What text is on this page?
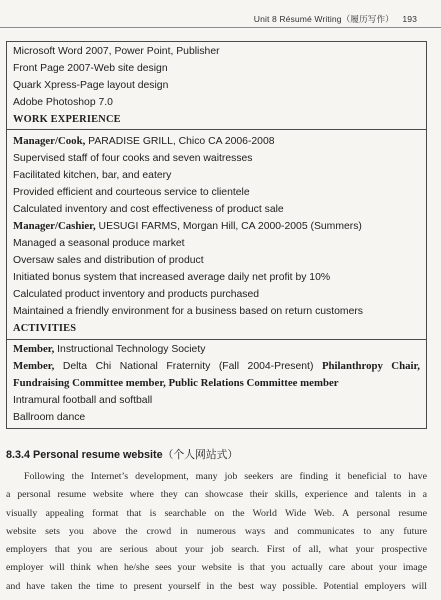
Unit 8 Résumé Writing（履历写作） 193
Microsoft Word 2007, Power Point, Publisher
Front Page 2007-Web site design
Quark Xpress-Page layout design
Adobe Photoshop 7.0
WORK EXPERIENCE
Manager/Cook, PARADISE GRILL, Chico CA 2006-2008
Supervised staff of four cooks and seven waitresses
Facilitated kitchen, bar, and eatery
Provided efficient and courteous service to clientele
Calculated inventory and cost effectiveness of product sale
Manager/Cashier, UESUGI FARMS, Morgan Hill, CA 2000-2005 (Summers)
Managed a seasonal produce market
Oversaw sales and distribution of product
Initiated bonus system that increased average daily net profit by 10%
Calculated product inventory and products purchased
Maintained a friendly environment for a business based on return customers
ACTIVITIES
Member, Instructional Technology Society
Member, Delta Chi National Fraternity (Fall 2004-Present) Philanthropy Chair,
Fundraising Committee member, Public Relations Committee member
Intramural football and softball
Ballroom dance
8.3.4 Personal resume website（个人网站式）
Following the Internet’s development, many job seekers are finding it beneficial to have
a personal resume website where they can showcase their skills, experience and talents in a
visually appealing format that is searchable on the World Wide Web. A personal resume
website sets you above the crowd in numerous ways and communicates to any future
employers that you are serious about your job search. First of all, what your prospective
employer will think when he/she sees your website is that you actually care about your image
and have taken the time to present yourself in the best way possible. Potential employers will
